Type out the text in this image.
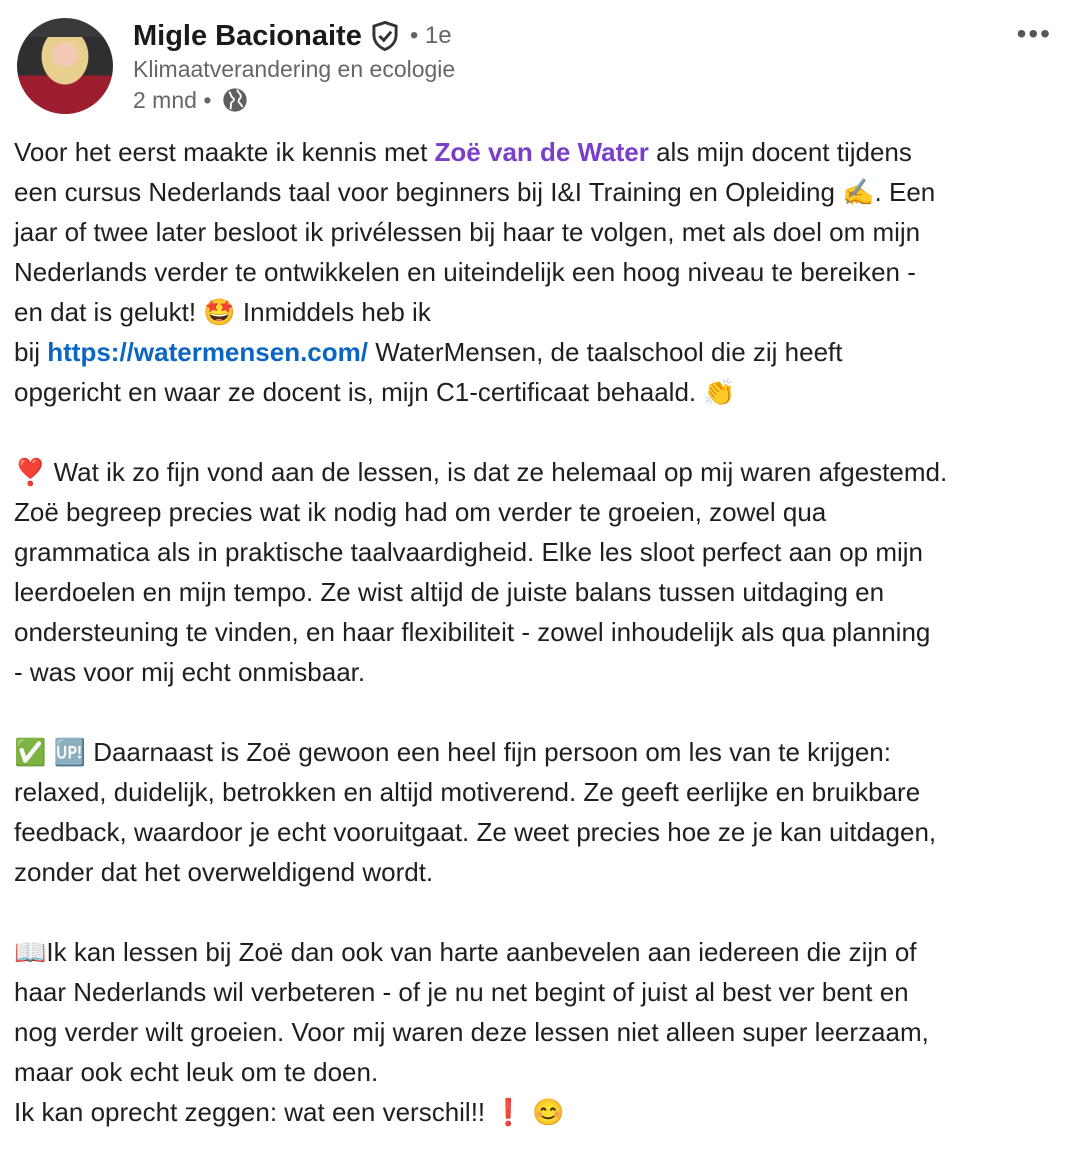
Migle Bacionaite • 1e
Klimaatverandering en ecologie
2 mnd •
•••
Voor het eerst maakte ik kennis met Zoë van de Water als mijn docent tijdens
een cursus Nederlands taal voor beginners bij I&I Training en Opleiding ✍. Een
jaar of twee later besloot ik privélessen bij haar te volgen, met als doel om mijn
Nederlands verder te ontwikkelen en uiteindelijk een hoog niveau te bereiken -
en dat is gelukt! 🤩 Inmiddels heb ik
bij https://watermensen.com/ WaterMensen, de taalschool die zij heeft
opgericht en waar ze docent is, mijn C1-certificaat behaald. 👏
❣️ Wat ik zo fijn vond aan de lessen, is dat ze helemaal op mij waren afgestemd.
Zoë begreep precies wat ik nodig had om verder te groeien, zowel qua
grammatica als in praktische taalvaardigheid. Elke les sloot perfect aan op mijn
leerdoelen en mijn tempo. Ze wist altijd de juiste balans tussen uitdaging en
ondersteuning te vinden, en haar flexibiliteit - zowel inhoudelijk als qua planning
- was voor mij echt onmisbaar.
✅ 🆙 Daarnaast is Zoë gewoon een heel fijn persoon om les van te krijgen:
relaxed, duidelijk, betrokken en altijd motiverend. Ze geeft eerlijke en bruikbare
feedback, waardoor je echt vooruitgaat. Ze weet precies hoe ze je kan uitdagen,
zonder dat het overweldigend wordt.
📖Ik kan lessen bij Zoë dan ook van harte aanbevelen aan iedereen die zijn of
haar Nederlands wil verbeteren - of je nu net begint of juist al best ver bent en
nog verder wilt groeien. Voor mij waren deze lessen niet alleen super leerzaam,
maar ook echt leuk om te doen.
Ik kan oprecht zeggen: wat een verschil!! ❗ 😊
